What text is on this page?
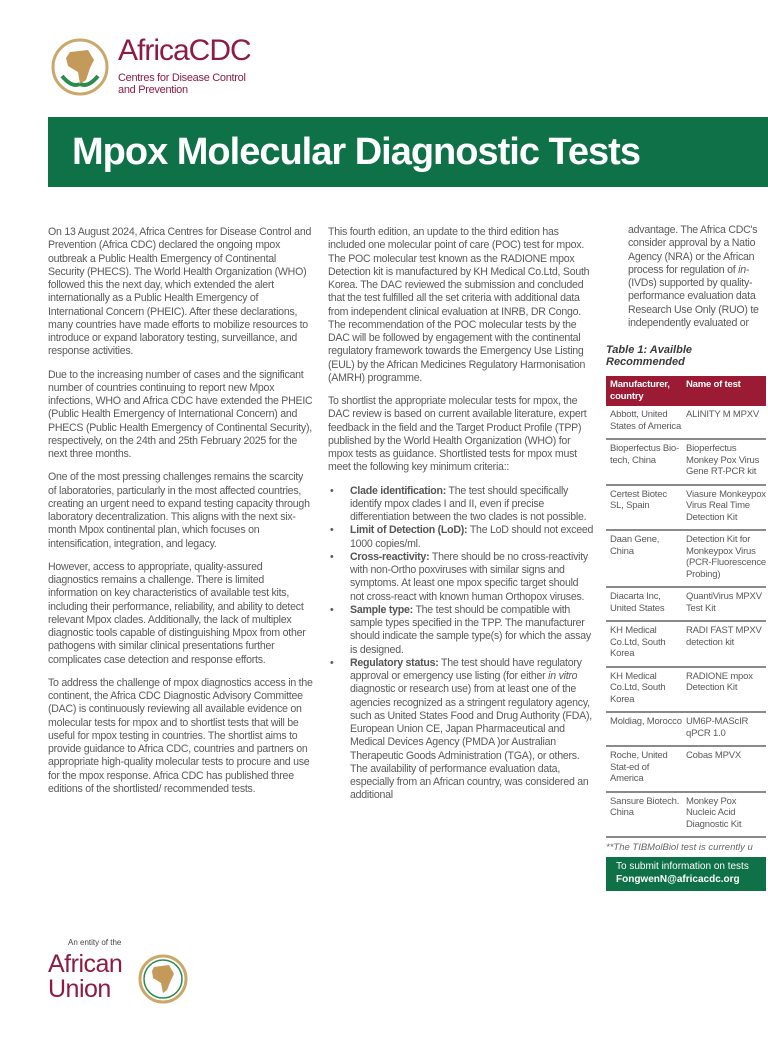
AfricaCDC
Centres for Disease Control
and Prevention
Mpox Molecular Diagnostic Tests

On 13 August 2024, Africa Centres for Disease Control and Prevention (Africa CDC) declared the ongoing mpox outbreak a Public Health Emergency of Continental Security (PHECS). The World Health Organization (WHO) followed this the next day, which extended the alert internationally as a Public Health Emergency of International Concern (PHEIC). After these declarations, many countries have made efforts to mobilize resources to introduce or expand laboratory testing, surveillance, and response activities.

Due to the increasing number of cases and the significant number of countries continuing to report new Mpox infections, WHO and Africa CDC have extended the PHEIC (Public Health Emergency of International Concern) and PHECS (Public Health Emergency of Continental Security), respectively, on the 24th and 25th February 2025 for the next three months.

One of the most pressing challenges remains the scarcity of laboratories, particularly in the most affected countries, creating an urgent need to expand testing capacity through laboratory decentralization. This aligns with the next six-month Mpox continental plan, which focuses on intensification, integration, and legacy.

However, access to appropriate, quality-assured diagnostics remains a challenge. There is limited information on key characteristics of available test kits, including their performance, reliability, and ability to detect relevant Mpox clades. Additionally, the lack of multiplex diagnostic tools capable of distinguishing Mpox from other pathogens with similar clinical presentations further complicates case detection and response efforts.

To address the challenge of mpox diagnostics access in the continent, the Africa CDC Diagnostic Advisory Committee (DAC) is continuously reviewing all available evidence on molecular tests for mpox and to shortlist tests that will be useful for mpox testing in countries. The shortlist aims to provide guidance to Africa CDC, countries and partners on appropriate high-quality molecular tests to procure and use for the mpox response. Africa CDC has published three editions of the shortlisted/ recommended tests.

This fourth edition, an update to the third edition has included one molecular point of care (POC) test for mpox. The POC molecular test known as the RADIONE mpox Detection kit is manufactured by KH Medical Co.Ltd, South Korea. The DAC reviewed the submission and concluded that the test fulfilled all the set criteria with additional data from independent clinical evaluation at INRB, DR Congo. The recommendation of the POC molecular tests by the DAC will be followed by engagement with the continental regulatory framework towards the Emergency Use Listing (EUL) by the African Medicines Regulatory Harmonisation (AMRH) programme.

To shortlist the appropriate molecular tests for mpox, the DAC review is based on current available literature, expert feedback in the field and the Target Product Profile (TPP) published by the World Health Organization (WHO) for mpox tests as guidance. Shortlisted tests for mpox must meet the following key minimum criteria::

• Clade identification: The test should specifically identify mpox clades I and II, even if precise differentiation between the two clades is not possible.
• Limit of Detection (LoD): The LoD should not exceed 1000 copies/ml.
• Cross-reactivity: There should be no cross-reactivity with non-Ortho poxviruses with similar signs and symptoms. At least one mpox specific target should not cross-react with known human Orthopox viruses.
• Sample type: The test should be compatible with sample types specified in the TPP. The manufacturer should indicate the sample type(s) for which the assay is designed.
• Regulatory status: The test should have regulatory approval or emergency use listing (for either in vitro diagnostic or research use) from at least one of the agencies recognized as a stringent regulatory agency, such as United States Food and Drug Authority (FDA), European Union CE, Japan Pharmaceutical and Medical Devices Agency (PMDA )or Australian Therapeutic Goods Administration (TGA), or others. The availability of performance evaluation data, especially from an African country, was considered an additional
advantage. The Africa CDC'sconsider approval by a NatioAgency (NRA) or the Africanprocess for regulation of in-(IVDs) supported by quality-performance evaluation dataResearch Use Only (RUO) teindependently evaluated or
Table 1: Availble Recommended
Manufacturer, country
Name of test
Abbott, United States of America
ALINITY M MPXV
Bioperfectus Bio-tech, China
Bioperfectus Monkey Pox Virus Gene RT-PCR kit
Certest Biotec SL, Spain
Viasure Monkeypox Virus Real Time Detection Kit
Daan Gene, China
Detection Kit for Monkeypox Virus (PCR-Fluorescence Probing)
Diacarta Inc, United States
QuantiVirus MPXV Test Kit
KH Medical Co.Ltd, South Korea
RADI FAST MPXV detection kit
KH Medical Co.Ltd, South Korea
RADIONE mpox Detection Kit
Moldiag, Morocco UM6P-MAScIR qPCR 1.0
Roche, United Stat-ed of America
Cobas MPVX
Sansure Biotech. China
Monkey Pox Nucleic Acid Diagnostic Kit
**The TIBMolBiol test is currently u
To submit information on tests
FongwenN@africacdc.org
An entity of the
African
Union
